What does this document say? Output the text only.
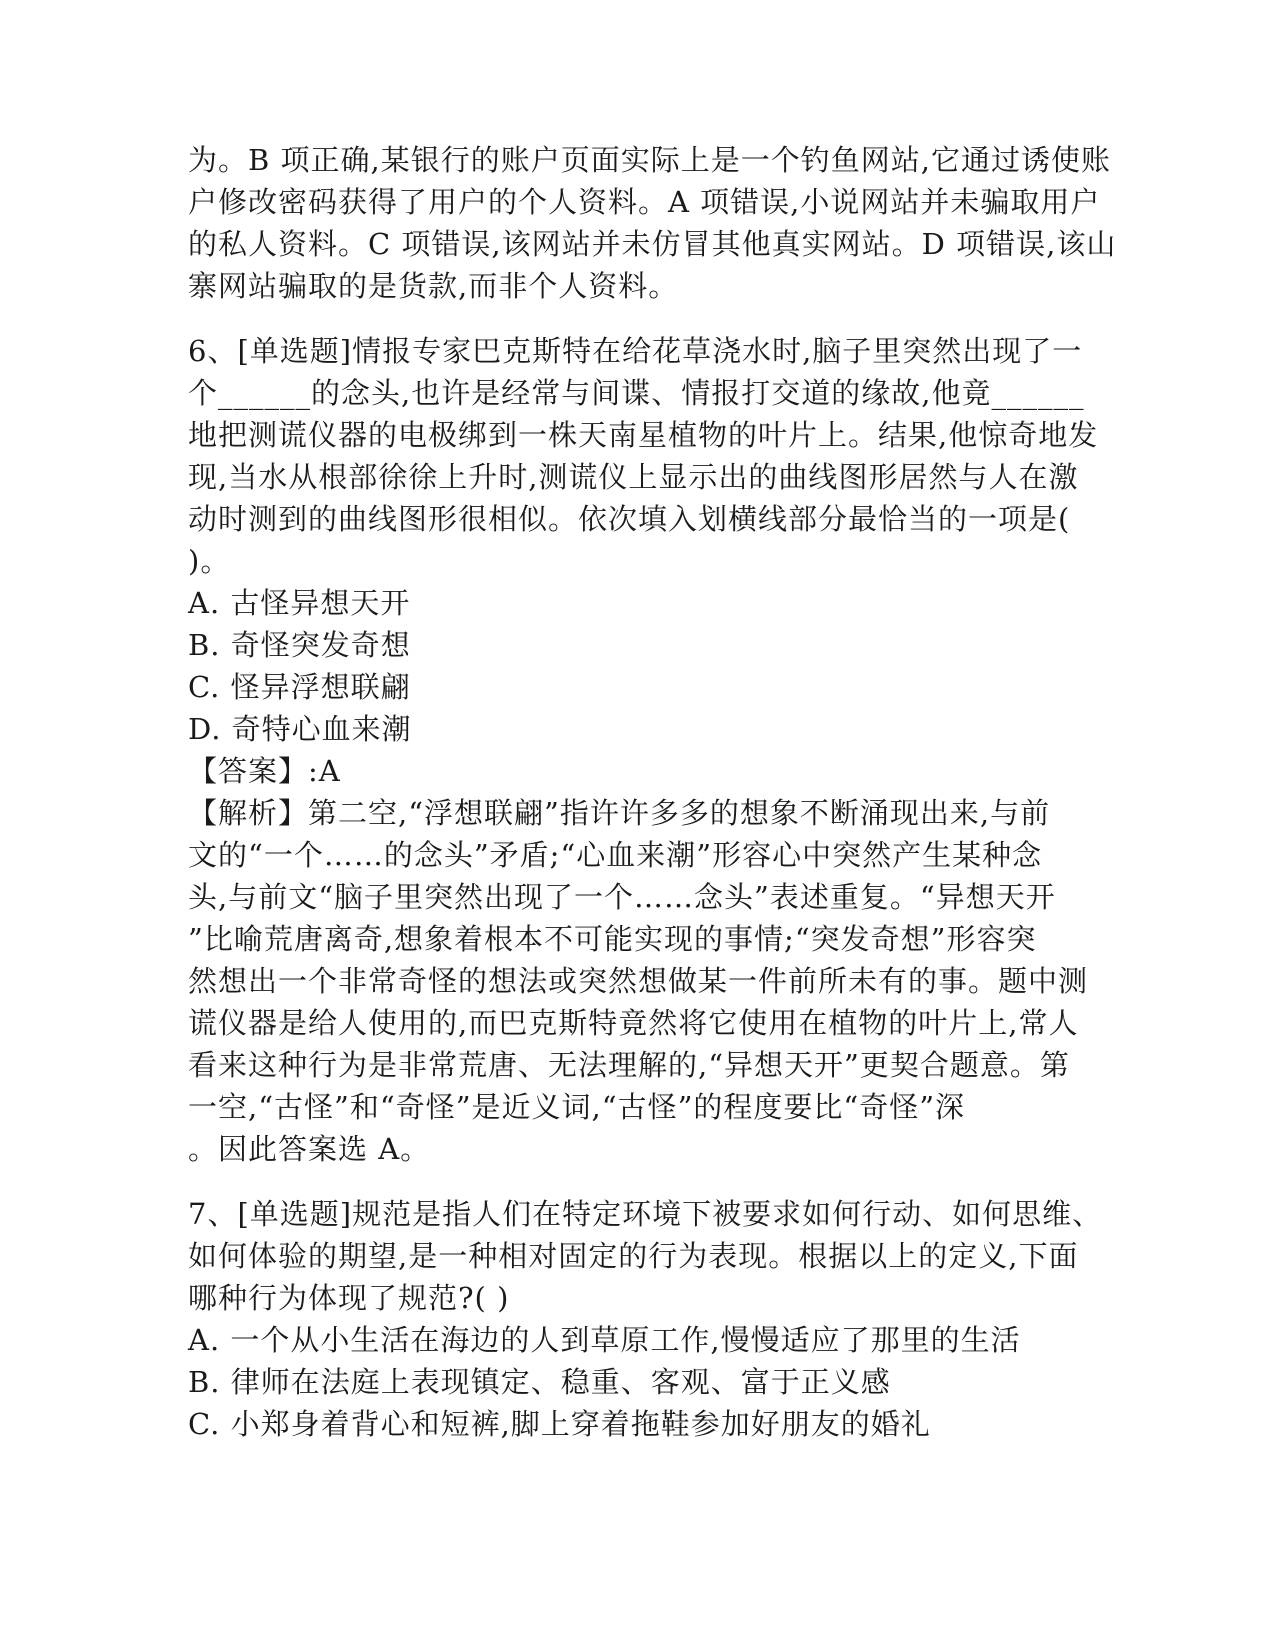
为。B 项正确,某银行的账户页面实际上是一个钓鱼网站,它通过诱使账
户修改密码获得了用户的个人资料。A 项错误,小说网站并未骗取用户
的私人资料。C 项错误,该网站并未仿冒其他真实网站。D 项错误,该山
寨网站骗取的是货款,而非个人资料。
6、[单选题]情报专家巴克斯特在给花草浇水时,脑子里突然出现了一
个______的念头,也许是经常与间谍、情报打交道的缘故,他竟______
地把测谎仪器的电极绑到一株天南星植物的叶片上。结果,他惊奇地发
现,当水从根部徐徐上升时,测谎仪上显示出的曲线图形居然与人在激
动时测到的曲线图形很相似。依次填入划横线部分最恰当的一项是(
)。
A. 古怪异想天开
B. 奇怪突发奇想
C. 怪异浮想联翩
D. 奇特心血来潮
【答案】:A
【解析】第二空,“浮想联翩”指许许多多的想象不断涌现出来,与前
文的“一个……的念头”矛盾;“心血来潮”形容心中突然产生某种念
头,与前文“脑子里突然出现了一个……念头”表述重复。“异想天开
”比喻荒唐离奇,想象着根本不可能实现的事情;“突发奇想”形容突
然想出一个非常奇怪的想法或突然想做某一件前所未有的事。题中测
谎仪器是给人使用的,而巴克斯特竟然将它使用在植物的叶片上,常人
看来这种行为是非常荒唐、无法理解的,“异想天开”更契合题意。第
一空,“古怪”和“奇怪”是近义词,“古怪”的程度要比“奇怪”深
。因此答案选 A。
7、[单选题]规范是指人们在特定环境下被要求如何行动、如何思维、
如何体验的期望,是一种相对固定的行为表现。根据以上的定义,下面
哪种行为体现了规范?( )
A. 一个从小生活在海边的人到草原工作,慢慢适应了那里的生活
B. 律师在法庭上表现镇定、稳重、客观、富于正义感
C. 小郑身着背心和短裤,脚上穿着拖鞋参加好朋友的婚礼
